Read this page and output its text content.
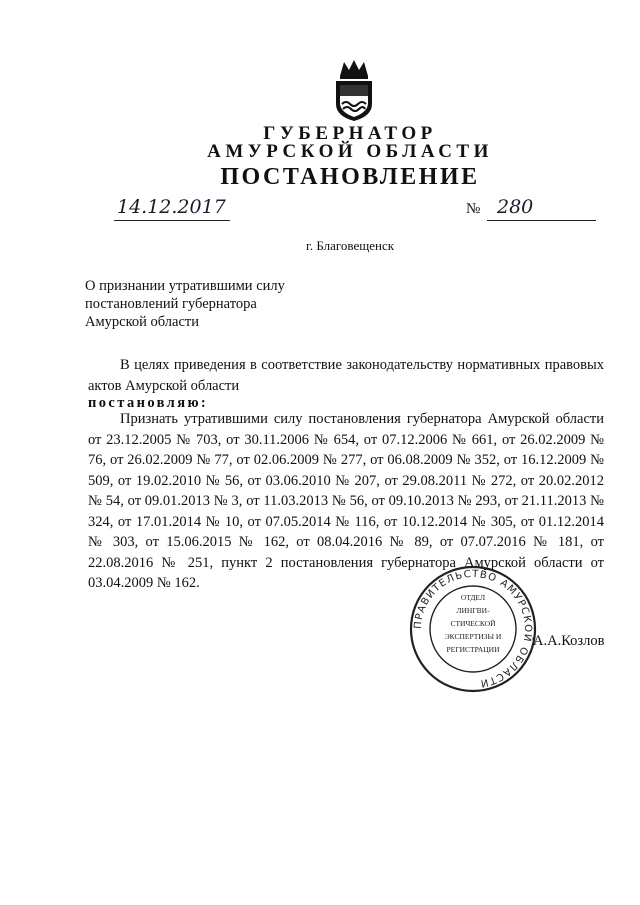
ГУБЕРНАТОР
АМУРСКОЙ ОБЛАСТИ
ПОСТАНОВЛЕНИЕ
14.12.2017	№ 280
г. Благовещенск
О признании утратившими силу
постановлений губернатора
Амурской области
В целях приведения в соответствие законодательству нормативных правовых актов Амурской области
постановляю:
Признать утратившими силу постановления губернатора Амурской области от 23.12.2005 № 703, от 30.11.2006 № 654, от 07.12.2006 № 661, от 26.02.2009 № 76, от 26.02.2009 № 77, от 02.06.2009 № 277, от 06.08.2009 № 352, от 16.12.2009 № 509, от 19.02.2010 № 56, от 03.06.2010 № 207, от 29.08.2011 № 272, от 20.02.2012 № 54, от 09.01.2013 № 3, от 11.03.2013 № 56, от 09.10.2013 № 293, от 21.11.2013 № 324, от 17.01.2014 № 10, от 07.05.2014 № 116, от 10.12.2014 № 305, от 01.12.2014 № 303, от 15.06.2015 № 162, от 08.04.2016 № 89, от 07.07.2016 № 181, от 22.08.2016 № 251, пункт 2 постановления губернатора Амурской области от 03.04.2009 № 162.
ПРАВИТЕЛЬСТВО АМУРСКОЙ ОБЛАСТИ
ОТДЕЛ
ЛИНГВИ-
СТИЧЕСКОЙ
ЭКСПЕРТИЗЫ И
РЕГИСТРАЦИИ
А.А.Козлов
